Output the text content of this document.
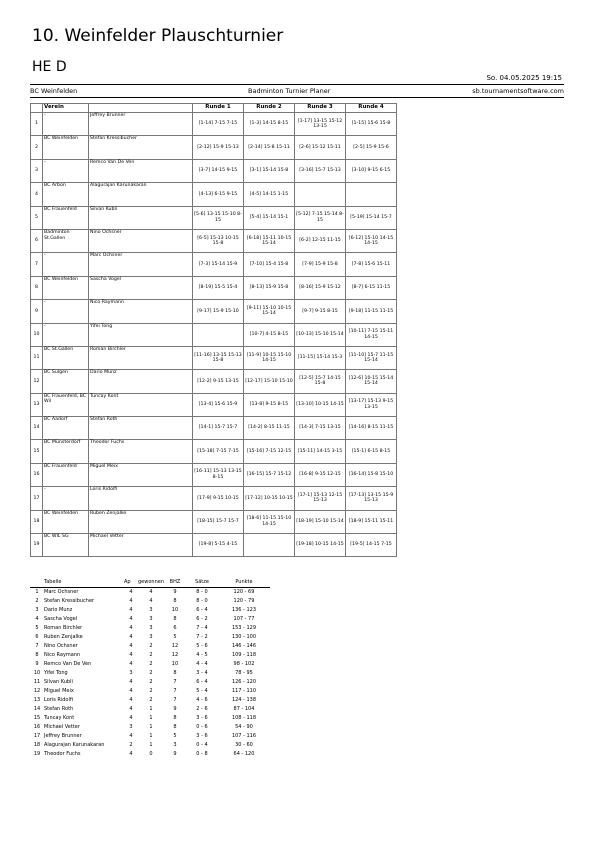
10. Weinfelder Plauschturnier
HE D
So. 04.05.2025 19:15
BC Weinfelden	Badminton Turnier Planer	sb.tournamentsoftware.com
	Verein		Runde 1	Runde 2	Runde 3	Runde 4
1	-	Jeffrey Brunner	[1-14] 7-15 7-15	[1-3] 14-15 8-15	[1-17] 13-15 15-12 13-15	[1-15] 15-6 15-8
2	BC Weinfelden	Stefan Kressibucher	[2-12] 15-9 15-13	[2-14] 15-8 15-11	[2-6] 15-12 15-11	[2-5] 15-9 15-6
3	-	Remco Van De Ven	[3-7] 14-15 9-15	[3-1] 15-14 15-8	[3-16] 15-7 15-13	[3-10] 9-15 6-15
4	BC Arbon	Alagurajan Karunakaran	[4-13] 6-15 9-15	[4-5] 14-15 1-15		
5	BC Frauenfeld	Silvan Kubli	[5-6] 13-15 15-10 8-15	[5-4] 15-14 15-1	[5-12] 7-15 15-14 8-15	[5-19] 15-14 15-7
6	Badminton St.Gallen	Nino Ochsner	[6-5] 15-13 10-15 15-8	[6-18] 15-11 10-15 15-14	[6-2] 12-15 11-15	[6-12] 15-10 14-15 14-15
7	-	Marc Ochsner	[7-3] 15-14 15-9	[7-10] 15-4 15-8	[7-9] 15-9 15-8	[7-8] 15-6 15-11
8	BC Weinfelden	Sascha Vogel	[8-19] 15-5 15-4	[8-13] 15-9 15-8	[8-16] 15-9 15-12	[8-7] 6-15 11-15
9	-	Nico Raymann	[9-17] 15-9 15-10	[9-11] 15-10 10-15 15-14	[9-7] 9-15 8-15	[9-18] 11-15 11-15
10	-	Yifei Tong		[10-7] 4-15 8-15	[10-13] 15-10 15-14	[10-11] 7-15 15-11 14-15
11	BC St.Gallen	Roman Birchler	[11-16] 13-15 15-13 15-8	[11-9] 10-15 15-10 14-15	[11-15] 15-14 15-3	[11-10] 15-7 11-15 15-14
12	BC Sulgen	Dario Munz	[12-2] 9-15 13-15	[12-17] 15-10 15-10	[12-5] 15-7 14-15 15-8	[12-6] 10-15 15-14 15-14
13	BC Frauenfeld, BC Wil	Tuncay Kont	[13-4] 15-6 15-9	[13-8] 9-15 8-15	[13-10] 10-15 14-15	[13-17] 15-13 9-15 13-15
14	BC Aadorf	Stefan Roth	[14-1] 15-7 15-7	[14-2] 8-15 11-15	[14-3] 7-15 13-15	[14-16] 8-15 11-15
15	BC Münsterdorf	Theodor Fuchs	[15-18] 7-15 7-15	[15-16] 7-15 12-15	[15-11] 14-15 3-15	[15-1] 6-15 8-15
16	BC Frauenfeld	Miguel Meix	[16-11] 15-13 13-15 8-15	[16-15] 15-7 15-12	[16-8] 9-15 12-15	[16-14] 15-8 15-10
17	-	Loris Ridolfi	[17-9] 9-15 10-15	[17-12] 10-15 10-15	[17-1] 15-13 12-15 15-13	[17-13] 13-15 15-9 15-13
18	BC Weinfelden	Ruben Zenjalke	[18-15] 15-7 15-7	[18-6] 11-15 15-10 14-15	[18-19] 15-10 15-14	[18-9] 15-11 15-11
19	BC WIL SG	Michael Vetter	[19-8] 5-15 4-15		[19-18] 10-15 14-15	[19-5] 14-15 7-15
	Tabelle	Ap	gewonnen	BHZ	Sätze	Punkte
1	Marc Ochsner	4	4	9	8 - 0	120 - 69
2	Stefan Kressibucher	4	4	8	8 - 0	120 - 79
3	Dario Munz	4	3	10	6 - 4	136 - 123
4	Sascha Vogel	4	3	8	6 - 2	107 - 77
5	Roman Birchler	4	3	6	7 - 4	153 - 129
6	Ruben Zenjalke	4	3	5	7 - 2	130 - 100
7	Nino Ochsner	4	2	12	5 - 6	146 - 146
8	Nico Raymann	4	2	12	4 - 5	109 - 118
9	Remco Van De Ven	4	2	10	4 - 4	98 - 102
10	Yifei Tong	3	2	8	3 - 4	78 - 95
11	Silvan Kubli	4	2	7	6 - 4	126 - 120
12	Miguel Meix	4	2	7	5 - 4	117 - 110
13	Loris Ridolfi	4	2	7	4 - 6	124 - 138
14	Stefan Roth	4	1	9	2 - 6	87 - 104
15	Tuncay Kont	4	1	8	3 - 6	108 - 118
16	Michael Vetter	3	1	8	0 - 6	54 - 90
17	Jeffrey Brunner	4	1	5	3 - 6	107 - 116
18	Alagurajan Karunakaran	2	1	3	0 - 4	30 - 60
19	Theodor Fuchs	4	0	9	0 - 8	64 - 120
